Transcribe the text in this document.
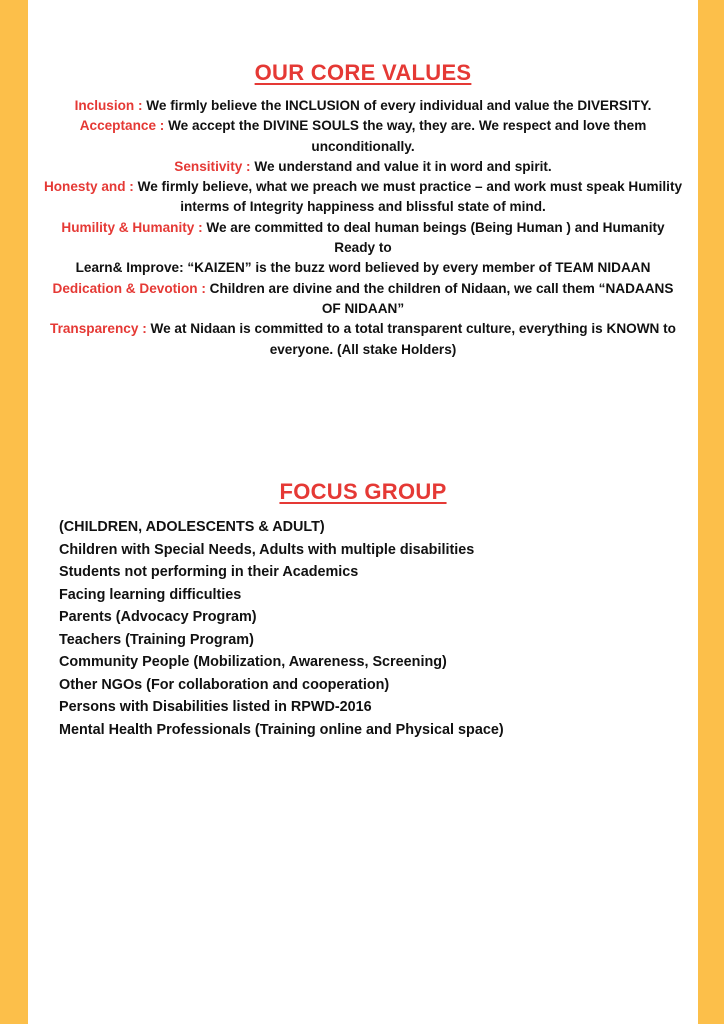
OUR CORE VALUES

Inclusion : We firmly believe the INCLUSION of every individual and value the DIVERSITY.

Acceptance : We accept the DIVINE SOULS the way, they are. We respect and love them unconditionally.

Sensitivity : We understand and value it in word and spirit.

Honesty and : We firmly believe, what we preach we must practice – and work must speak Humility interms of Integrity happiness and blissful state of mind.

Humility & Humanity : We are committed to deal human beings (Being Human ) and Humanity Ready to

Learn& Improve: “KAIZEN” is the buzz word believed by every member of TEAM NIDAAN

Dedication & Devotion : Children are divine and the children of Nidaan, we call them “NADAANS OF NIDAAN”

Transparency : We at Nidaan is committed to a total transparent culture, everything is KNOWN to everyone. (All stake Holders)

FOCUS GROUP
(CHILDREN, ADOLESCENTS & ADULT)
Children with Special Needs, Adults with multiple disabilities
Students not performing in their Academics
Facing learning difficulties
Parents (Advocacy Program)
Teachers (Training Program)
Community People (Mobilization, Awareness, Screening)
Other NGOs (For collaboration and cooperation)
Persons with Disabilities listed in RPWD-2016
Mental Health Professionals (Training online and Physical space)
